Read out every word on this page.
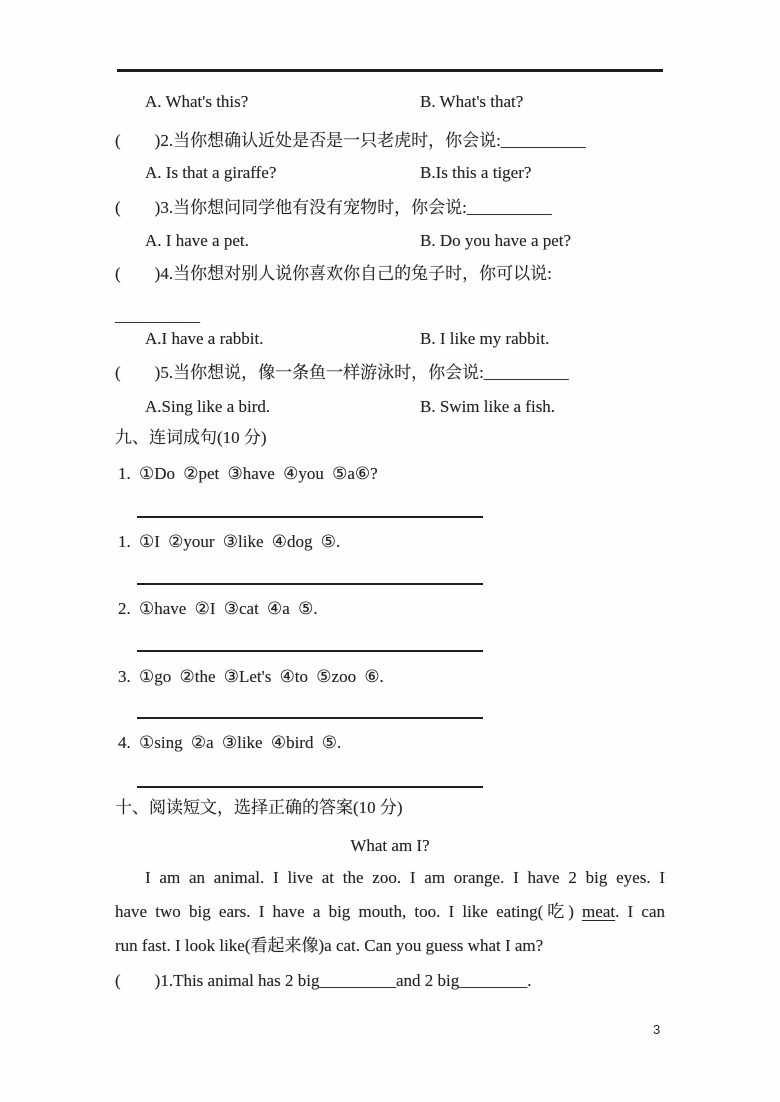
A. What's this?	B. What's that?
(        )2.当你想确认近处是否是一只老虎时，你会说:__________
A. Is that a giraffe?	B.Is this a tiger?
(        )3.当你想问同学他有没有宠物时，你会说:__________
A. I have a pet.	B. Do you have a pet?
(        )4.当你想对别人说你喜欢你自己的兔子时，你可以说:
__________
A.I have a rabbit.	B. I like my rabbit.
(        )5.当你想说，像一条鱼一样游泳时，你会说:__________
A.Sing like a bird.	B. Swim like a fish.
九、连词成句(10 分)
1. ①Do ②pet ③have ④you ⑤a⑥?
1. ①I ②your ③like ④dog ⑤.
2. ①have ②I ③cat ④a ⑤.
3. ①go ②the ③Let's ④to ⑤zoo ⑥.
4. ①sing ②a ③like ④bird ⑤.
十、阅读短文，选择正确的答案(10 分)
What am I?
I am an animal. I live at the zoo. I am orange. I have 2 big eyes. I
have two big ears. I have a big mouth, too. I like eating(吃) meat. I can
run fast. I look like(看起来像)a cat. Can you guess what I am?
(        )1.This animal has 2 big_________and 2 big________.
3
